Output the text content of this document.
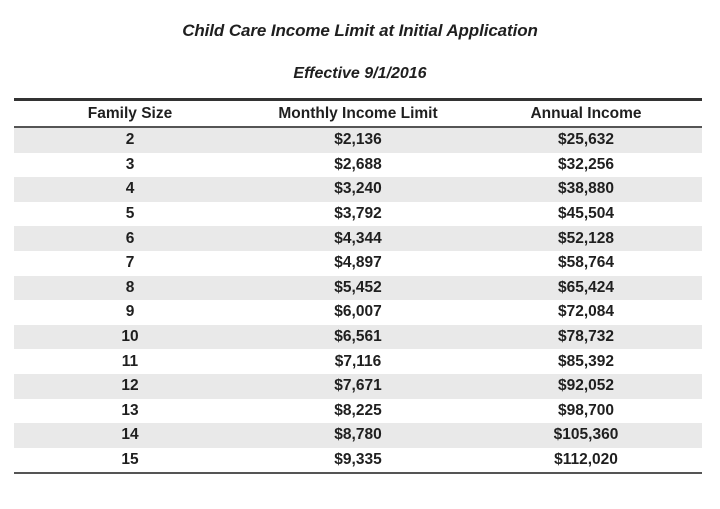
Child Care Income Limit at Initial Application
Effective 9/1/2016
Family Size	Monthly Income Limit	Annual Income
2	$2,136	$25,632
3	$2,688	$32,256
4	$3,240	$38,880
5	$3,792	$45,504
6	$4,344	$52,128
7	$4,897	$58,764
8	$5,452	$65,424
9	$6,007	$72,084
10	$6,561	$78,732
11	$7,116	$85,392
12	$7,671	$92,052
13	$8,225	$98,700
14	$8,780	$105,360
15	$9,335	$112,020
